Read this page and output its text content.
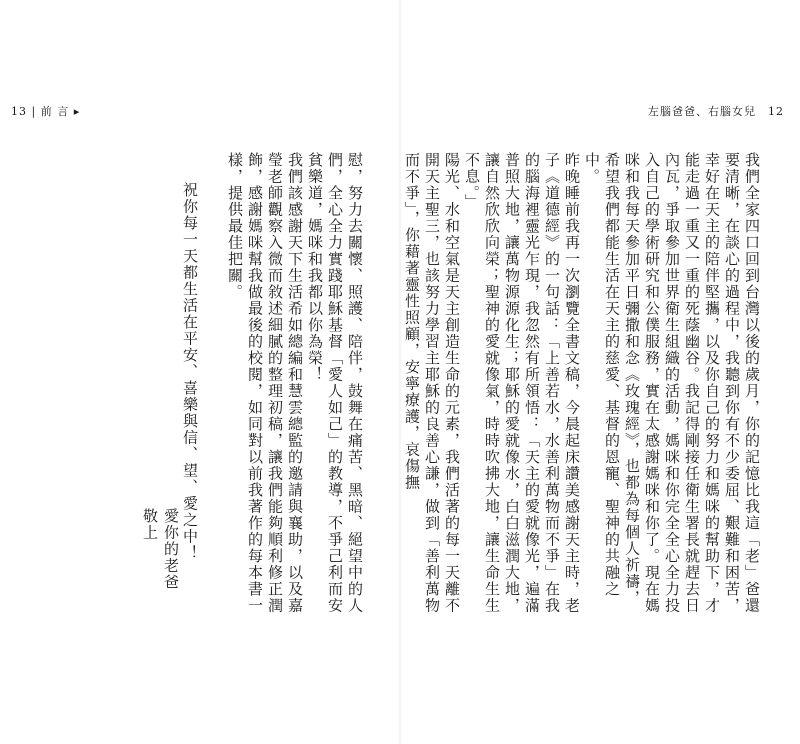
13 | 前 言 ▸

慰，努力去關懷、照護、陪伴，鼓舞在痛苦、黑暗、絕望中的人們，全心全力實踐耶穌基督「愛人如己」的教導，不爭己利而安貧樂道，媽咪和我都以你為榮！
我們該感謝天下生活希如總編和慧雲總監的邀請與襄助，以及嘉瑩老師觀察入微而敘述細膩的整理初稿，讓我們能夠順利修正潤飾，感謝媽咪幫我做最後的校閱，如同對以前我著作的每本書一樣，提供最佳把關。

祝你每一天都生活在平安、喜樂與信、望、愛之中！
愛你的老爸
敬上
左腦爸爸、右腦女兒　12

我們全家四口回到台灣以後的歲月，你的記憶比我這「老」爸還要清晰，在談心的過程中，我聽到你有不少委屈、艱難和困苦，幸好在天主的陪伴堅攜，以及你自己的努力和媽咪的幫助下，才能走過一重又一重的死蔭幽谷。我記得剛接任衛生署長就趕去日內瓦，爭取參加世界衛生組織的活動，媽咪和你完全全心全力投入自己的學術研究和公僕服務，實在太感謝媽咪和你了。現在媽咪和我每天參加平日彌撒和念《玫瑰經》，也都為每個人祈禱，希望我們都能生活在天主的慈愛、基督的恩寵、聖神的共融之中。
昨晚睡前我再一次瀏覽全書文稿，今晨起床讚美感謝天主時，老子《道德經》的一句話：「上善若水，水善利萬物而不爭」在我的腦海裡靈光乍現，我忽然有所領悟：「天主的愛就像光，遍滿普照大地，讓萬物源源化生；耶穌的愛就像水，白白滋潤大地，讓自然欣欣向榮；聖神的愛就像氣，時時吹拂大地，讓生命生生不息。」
陽光、水和空氣是天主創造生命的元素，我們活著的每一天離不開天主聖三，也該努力學習主耶穌的良善心謙，做到「善利萬物而不爭」，你藉著靈性照顧，安寧療護，哀傷撫
